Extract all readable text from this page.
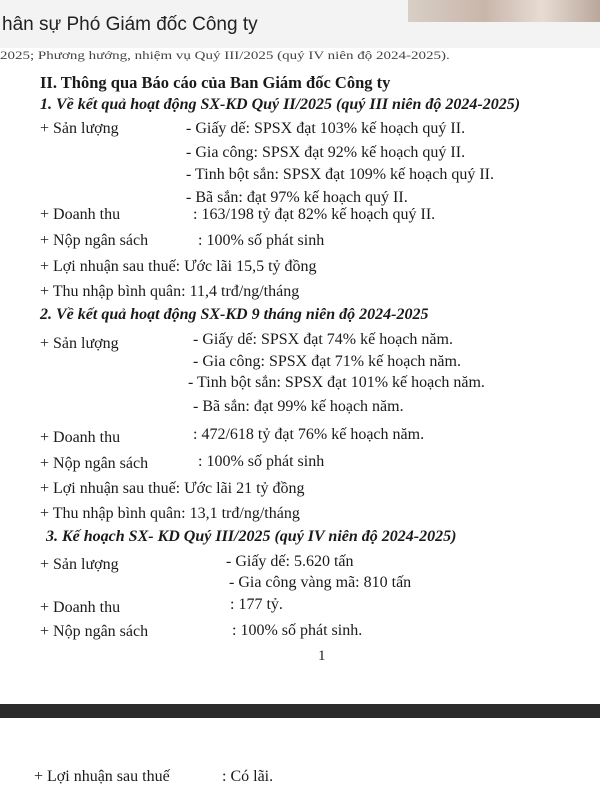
hân sự Phó Giám đốc Công ty
2025; Phương hướng, nhiệm vụ Quý III/2025 (quý IV niên độ 2024-2025).
II. Thông qua Báo cáo của Ban Giám đốc Công ty
1. Về kết quả hoạt động SX-KD Quý II/2025 (quý III niên độ 2024-2025)
+ Sản lượng	- Giấy dế: SPSX đạt 103% kế hoạch quý II.
- Gia công: SPSX đạt 92% kế hoạch quý II.
- Tinh bột sắn: SPSX đạt 109% kế hoạch quý II.
- Bã sắn: đạt 97% kế hoạch quý II.
+ Doanh thu	: 163/198 tỷ đạt 82% kế hoạch quý II.
+ Nộp ngân sách	: 100% số phát sinh
+ Lợi nhuận sau thuế: Ước lãi 15,5 tỷ đồng
+ Thu nhập bình quân: 11,4 trđ/ng/tháng
2. Về kết quả hoạt động SX-KD 9 tháng niên độ 2024-2025
+ Sản lượng	- Giấy dế: SPSX đạt 74% kế hoạch năm.
- Gia công: SPSX đạt 71% kế hoạch năm.
- Tinh bột sắn: SPSX đạt 101% kế hoạch năm.
- Bã sắn: đạt 99% kế hoạch năm.
+ Doanh thu	: 472/618 tỷ đạt 76% kế hoạch năm.
+ Nộp ngân sách	: 100% số phát sinh
+ Lợi nhuận sau thuế: Ước lãi 21 tỷ đồng
+ Thu nhập bình quân: 13,1 trđ/ng/tháng
3. Kế hoạch SX- KD Quý III/2025 (quý IV niên độ 2024-2025)
+ Sản lượng	- Giấy dế: 5.620 tấn
- Gia công vàng mã: 810 tấn
+ Doanh thu	: 177 tỷ.
+ Nộp ngân sách	: 100% số phát sinh.
1
+ Lợi nhuận sau thuế	: Có lãi.
